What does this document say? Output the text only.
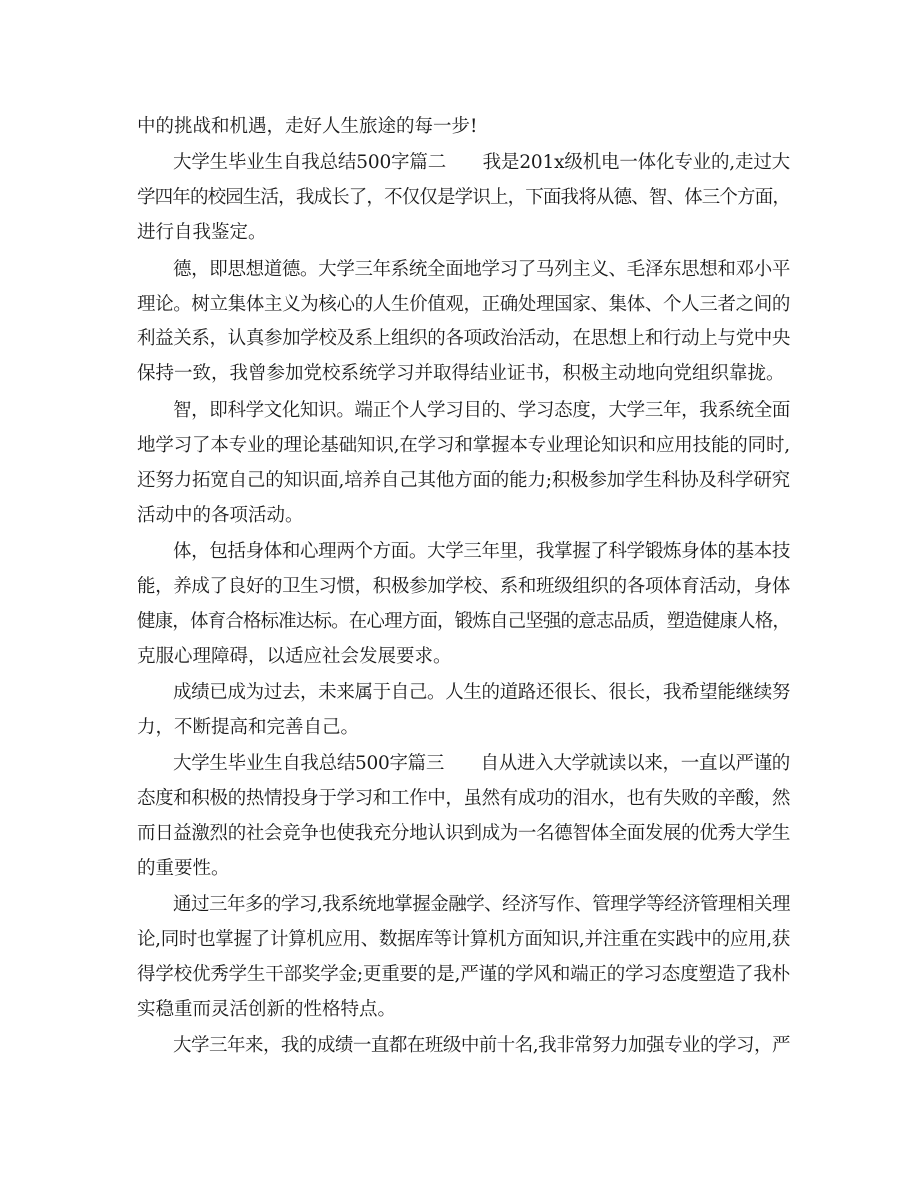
中的挑战和机遇，走好人生旅途的每一步!
大学生毕业生自我总结500字篇二　　我是201x级机电一体化专业的,走过大
学四年的校园生活，我成长了，不仅仅是学识上，下面我将从德、智、体三个方面，
进行自我鉴定。
德，即思想道德。大学三年系统全面地学习了马列主义、毛泽东思想和邓小平
理论。树立集体主义为核心的人生价值观，正确处理国家、集体、个人三者之间的
利益关系，认真参加学校及系上组织的各项政治活动，在思想上和行动上与党中央
保持一致，我曾参加党校系统学习并取得结业证书，积极主动地向党组织靠拢。
智，即科学文化知识。端正个人学习目的、学习态度，大学三年，我系统全面
地学习了本专业的理论基础知识,在学习和掌握本专业理论知识和应用技能的同时,
还努力拓宽自己的知识面,培养自己其他方面的能力;积极参加学生科协及科学研究
活动中的各项活动。
体，包括身体和心理两个方面。大学三年里，我掌握了科学锻炼身体的基本技
能，养成了良好的卫生习惯，积极参加学校、系和班级组织的各项体育活动，身体
健康，体育合格标准达标。在心理方面，锻炼自己坚强的意志品质，塑造健康人格，
克服心理障碍，以适应社会发展要求。
成绩已成为过去，未来属于自己。人生的道路还很长、很长，我希望能继续努
力，不断提高和完善自己。
大学生毕业生自我总结500字篇三　　自从进入大学就读以来，一直以严谨的
态度和积极的热情投身于学习和工作中，虽然有成功的泪水，也有失败的辛酸，然
而日益激烈的社会竞争也使我充分地认识到成为一名德智体全面发展的优秀大学生
的重要性。
通过三年多的学习,我系统地掌握金融学、经济写作、管理学等经济管理相关理
论,同时也掌握了计算机应用、数据库等计算机方面知识,并注重在实践中的应用,获
得学校优秀学生干部奖学金;更重要的是,严谨的学风和端正的学习态度塑造了我朴
实稳重而灵活创新的性格特点。
大学三年来，我的成绩一直都在班级中前十名,我非常努力加强专业的学习，严
